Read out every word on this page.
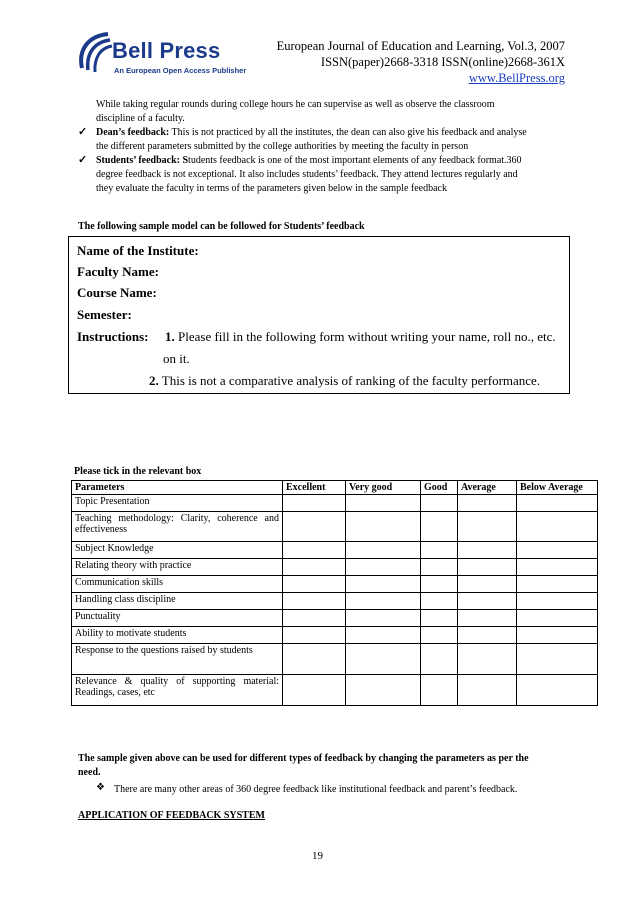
Bell Press
An European Open Access Publisher
European Journal of Education and Learning, Vol.3, 2007
ISSN(paper)2668-3318 ISSN(online)2668-361X
www.BellPress.org
While taking regular rounds during college hours he can supervise as well as observe the classroom
discipline of a faculty.
✓ Dean’s feedback: This is not practiced by all the institutes, the dean can also give his feedback and analyse
the different parameters submitted by the college authorities by meeting the faculty in person
✓ Students’ feedback: Students feedback is one of the most important elements of any feedback format.360
degree feedback is not exceptional. It also includes students’ feedback. They attend lectures regularly and
they evaluate the faculty in terms of the parameters given below in the sample feedback
The following sample model can be followed for Students’ feedback
Name of the Institute:
Faculty Name:
Course Name:
Semester:
Instructions: 1. Please fill in the following form without writing your name, roll no., etc.
on it.
2. This is not a comparative analysis of ranking of the faculty performance.
Please tick in the relevant box
Parameters	Excellent	Very good	Good	Average	Below Average
Topic Presentation					
Teaching methodology: Clarity, coherence and effectiveness					
Subject Knowledge					
Relating theory with practice					
Communication skills					
Handling class discipline					
Punctuality					
Ability to motivate students					
Response to the questions raised by students					
Relevance & quality of supporting material: Readings, cases, etc					
The sample given above can be used for different types of feedback by changing the parameters as per the
need.
❖ There are many other areas of 360 degree feedback like institutional feedback and parent’s feedback.
APPLICATION OF FEEDBACK SYSTEM
19
